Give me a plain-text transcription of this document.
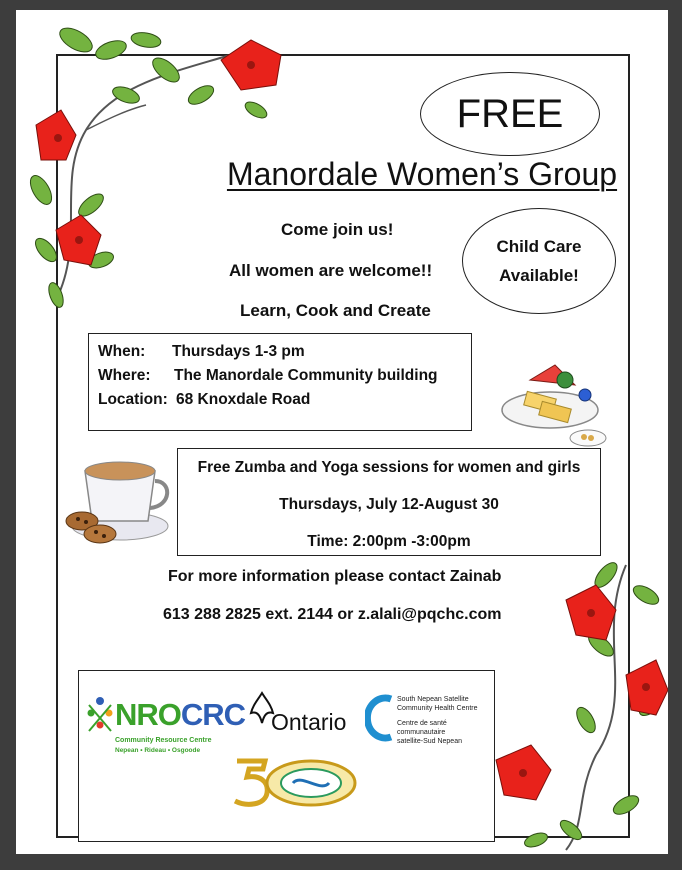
FREE
Manordale Women’s Group
Child Care
Available!
Come join us!
All women are welcome!!
Learn, Cook and Create
When: Thursdays 1-3 pm
Where: The Manordale Community building
Location: 68 Knoxdale Road
Free Zumba and Yoga sessions for women and girls
Thursdays, July 12-August 30
Time: 2:00pm -3:00pm
For more information please contact Zainab
613 288 2825 ext. 2144 or z.alali@pqchc.com
NROCRC
Community Resource Centre
Nepean • Rideau • Osgoode
Ontario
South Nepean Satellite
Community Health Centre
Centre de santé communautaire
satellite-Sud Nepean
